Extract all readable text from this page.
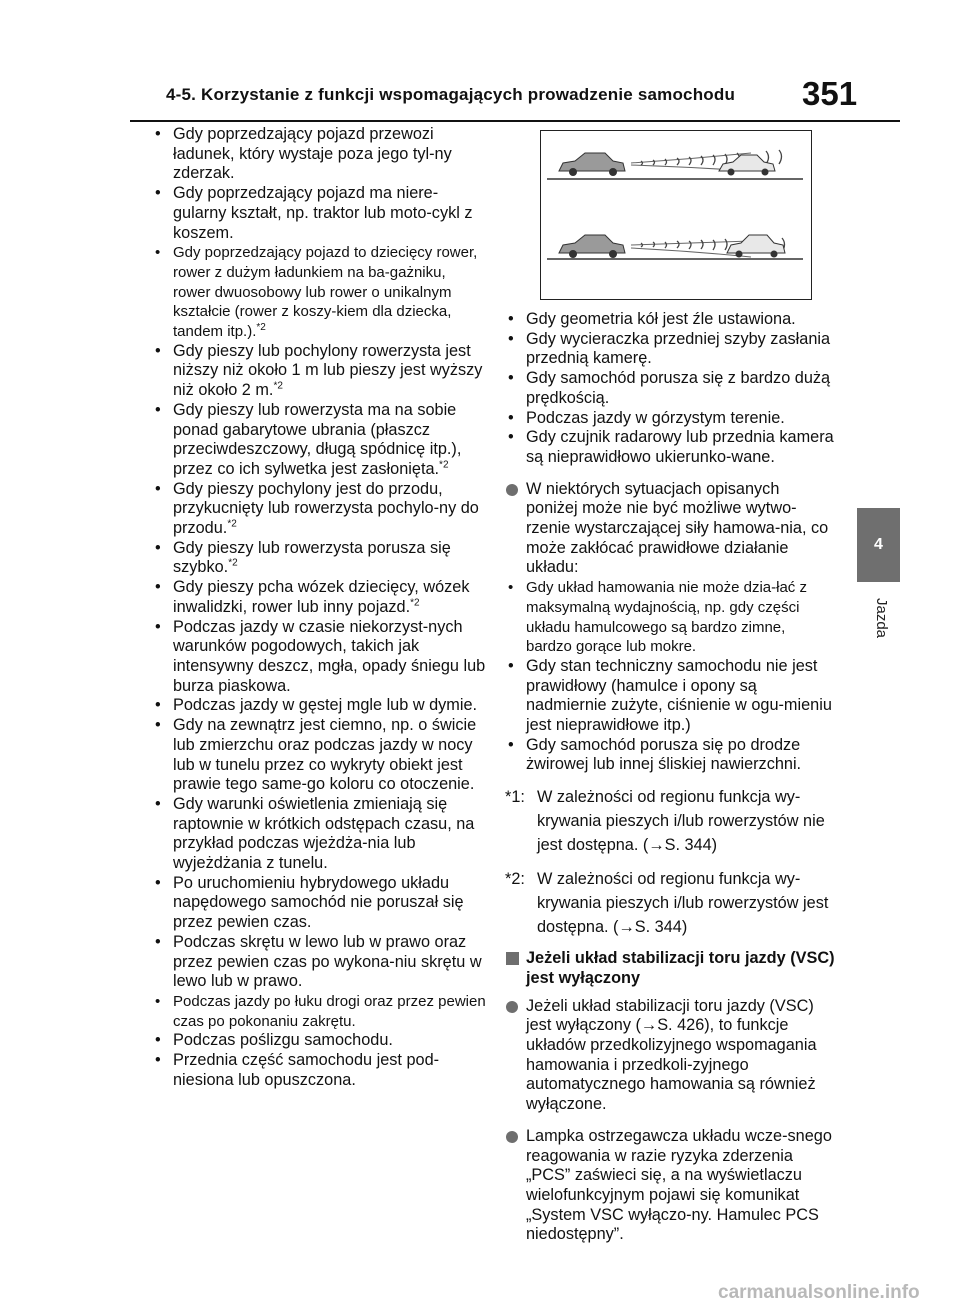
4-5. Korzystanie z funkcji wspomagających prowadzenie samochodu 351
4
Jazda
• Gdy poprzedzający pojazd przewozi ładunek, który wystaje poza jego tyl-ny zderzak.
• Gdy poprzedzający pojazd ma niere-gularny kształt, np. traktor lub moto-cykl z koszem.
• Gdy poprzedzający pojazd to dziecięcy rower, rower z dużym ładunkiem na ba-gażniku, rower dwuosobowy lub rower o unikalnym kształcie (rower z koszy-kiem dla dziecka, tandem itp.).$^{*2}$
• Gdy pieszy lub pochylony rowerzysta jest niższy niż około 1 m lub pieszy jest wyższy niż około 2 m.$^{*2}$
• Gdy pieszy lub rowerzysta ma na sobie ponad gabarytowe ubrania (płaszcz przeciwdeszczowy, długą spódnicę itp.), przez co ich sylwetka jest zasłonięta.$^{*2}$
• Gdy pieszy pochylony jest do przodu, przykucnięty lub rowerzysta pochylo-ny do przodu.$^{*2}$
• Gdy pieszy lub rowerzysta porusza się szybko.$^{*2}$
• Gdy pieszy pcha wózek dziecięcy, wózek inwalidzki, rower lub inny pojazd.$^{*2}$
• Podczas jazdy w czasie niekorzyst-nych warunków pogodowych, takich jak intensywny deszcz, mgła, opady śniegu lub burza piaskowa.
• Podczas jazdy w gęstej mgle lub w dymie.
• Gdy na zewnątrz jest ciemno, np. o świcie lub zmierzchu oraz podczas jazdy w nocy lub w tunelu przez co wykryty obiekt jest prawie tego same-go koloru co otoczenie.
• Gdy warunki oświetlenia zmieniają się raptownie w krótkich odstępach czasu, na przykład podczas wjeżdża-nia lub wyjeżdżania z tunelu.
• Po uruchomieniu hybrydowego układu napędowego samochód nie poruszał się przez pewien czas.
• Podczas skrętu w lewo lub w prawo oraz przez pewien czas po wykona-niu skrętu w lewo lub w prawo.
• Podczas jazdy po łuku drogi oraz przez pewien czas po pokonaniu zakrętu.
• Podczas poślizgu samochodu.
• Przednia część samochodu jest pod-niesiona lub opuszczona.
• Gdy geometria kół jest źle ustawiona.
• Gdy wycieraczka przedniej szyby zasłania przednią kamerę.
• Gdy samochód porusza się z bardzo dużą prędkością.
• Podczas jazdy w górzystym terenie.
• Gdy czujnik radarowy lub przednia kamera są nieprawidłowo ukierunko-wane.
W niektórych sytuacjach opisanych poniżej może nie być możliwe wytwo-rzenie wystarczającej siły hamowa-nia, co może zakłócać prawidłowe działanie układu:
• Gdy układ hamowania nie może dzia-łać z maksymalną wydajnością, np. gdy części układu hamulcowego są bardzo zimne, bardzo gorące lub mokre.
• Gdy stan techniczny samochodu nie jest prawidłowy (hamulce i opony są nadmiernie zużyte, ciśnienie w ogu-mieniu jest nieprawidłowe itp.)
• Gdy samochód porusza się po drodze żwirowej lub innej śliskiej nawierzchni.
*1: W zależności od regionu funkcja wy-krywania pieszych i/lub rowerzystów nie jest dostępna. (→S. 344)
*2: W zależności od regionu funkcja wy-krywania pieszych i/lub rowerzystów jest dostępna. (→S. 344)
Jeżeli układ stabilizacji toru jazdy (VSC) jest wyłączony
Jeżeli układ stabilizacji toru jazdy (VSC) jest wyłączony (→S. 426), to funkcje układów przedkolizyjnego wspomagania hamowania i przedkoli-zyjnego automatycznego hamowania są również wyłączone.
Lampka ostrzegawcza układu wcze-snego reagowania w razie ryzyka zderzenia „PCS” zaświeci się, a na wyświetlaczu wielofunkcyjnym pojawi się komunikat „System VSC wyłączo-ny. Hamulec PCS niedostępny”.
carmanualsonline.info
